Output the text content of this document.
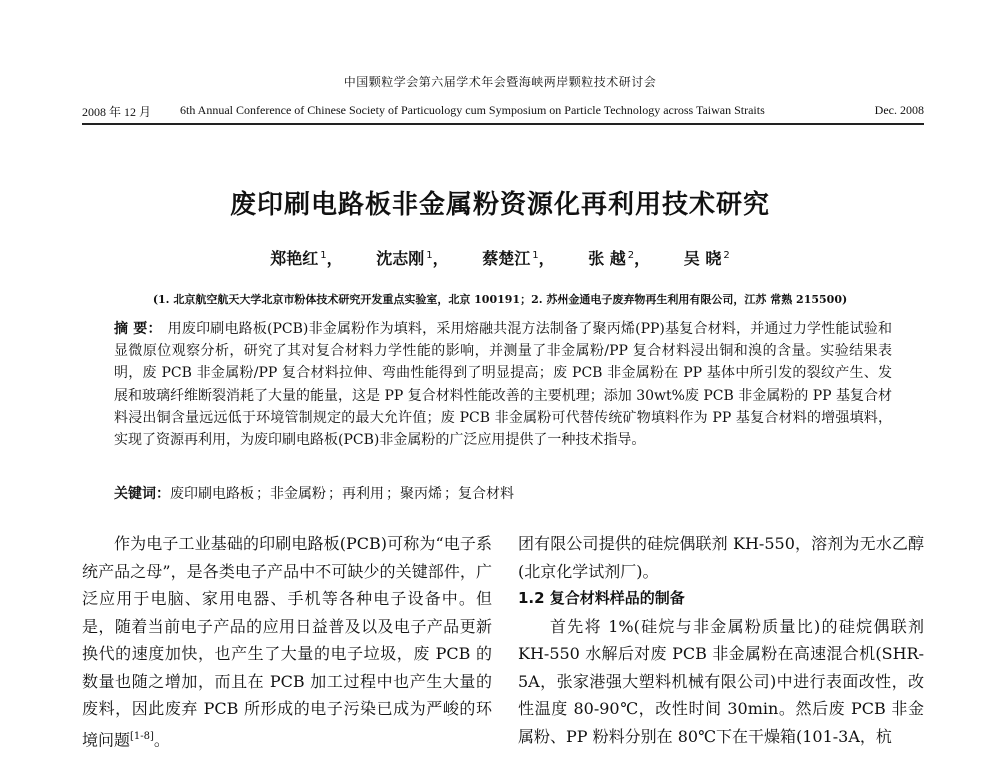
中国颗粒学会第六届学术年会暨海峡两岸颗粒技术研讨会
2008 年 12 月 6th Annual Conference of Chinese Society of Particuology cum Symposium on Particle Technology across Taiwan Straits	Dec. 2008
废印刷电路板非金属粉资源化再利用技术研究
郑艳红 $^1$， 沈志刚 $^1$， 蔡楚江 $^1$， 张 越 $^2$， 吴 晓 $^2$
(1. 北京航空航天大学北京市粉体技术研究开发重点实验室，北京 100191；2. 苏州金通电子废弃物再生利用有限公司，江苏 常熟 215500)
摘 要： 用废印刷电路板(PCB)非金属粉作为填料，采用熔融共混方法制备了聚丙烯(PP)基复合材料，并通过力学性能试验和显微原位观察分析，研究了其对复合材料力学性能的影响，并测量了非金属粉/PP 复合材料浸出铜和溴的含量。实验结果表明，废 PCB 非金属粉/PP 复合材料拉伸、弯曲性能得到了明显提高；废 PCB 非金属粉在 PP 基体中所引发的裂纹产生、发展和玻璃纤维断裂消耗了大量的能量，这是 PP 复合材料性能改善的主要机理；添加 30wt%废 PCB 非金属粉的 PP 基复合材料浸出铜含量远远低于环境管制规定的最大允许值；废 PCB 非金属粉可代替传统矿物填料作为 PP 基复合材料的增强填料，实现了资源再利用，为废印刷电路板(PCB)非金属粉的广泛应用提供了一种技术指导。
关键词：废印刷电路板 ；非金属粉 ；再利用 ；聚丙烯 ；复合材料

作为电子工业基础的印刷电路板(PCB)可称为“电子系统产品之母”，是各类电子产品中不可缺少的关键部件，广泛应用于电脑、家用电器、手机等各种电子设备中。但是，随着当前电子产品的应用日益普及以及电子产品更新换代的速度加快，也产生了大量的电子垃圾，废 PCB 的数量也随之增加，而且在 PCB 加工过程中也产生大量的废料，因此废弃 PCB 所形成的电子污染已成为严峻的环境问题[1-8]。

团有限公司提供的硅烷偶联剂 KH-550，溶剂为无水乙醇(北京化学试剂厂)。

1.2 复合材料样品的制备

首先将 1%(硅烷与非金属粉质量比)的硅烷偶联剂 KH-550 水解后对废 PCB 非金属粉在高速混合机(SHR-5A，张家港强大塑料机械有限公司)中进行表面改性，改性温度 80-90℃，改性时间 30min。然后废 PCB 非金属粉、PP 粉料分别在 80℃下在干燥箱(101-3A，杭
